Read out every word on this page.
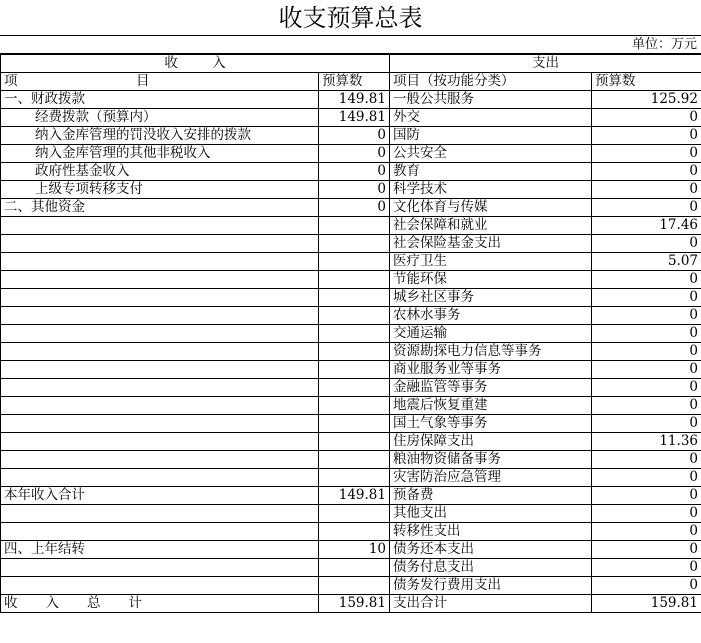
收支预算总表
单位：万元
收        入		支出	
项 目	预算数	项目（按功能分类）	预算数
一、财政拨款	149.81	一般公共服务	125.92
经费拨款（预算内）	149.81	外交	0
纳入金库管理的罚没收入安排的拨款	0	国防	0
纳入金库管理的其他非税收入	0	公共安全	0
政府性基金收入	0	教育	0
上级专项转移支付	0	科学技术	0
二、其他资金	0	文化体育与传媒	0
		社会保障和就业	17.46
		社会保险基金支出	0
		医疗卫生	5.07
		节能环保	0
		城乡社区事务	0
		农林水事务	0
		交通运输	0
		资源勘探电力信息等事务	0
		商业服务业等事务	0
		金融监管等事务	0
		地震后恢复重建	0
		国土气象等事务	0
		住房保障支出	11.36
		粮油物资储备事务	0
		灾害防治应急管理	0
本年收入合计	149.81	预备费	0
		其他支出	0
		转移性支出	0
四、上年结转	10	债务还本支出	0
		债务付息支出	0
		债务发行费用支出	0
收入总计	159.81	支出合计	159.81
